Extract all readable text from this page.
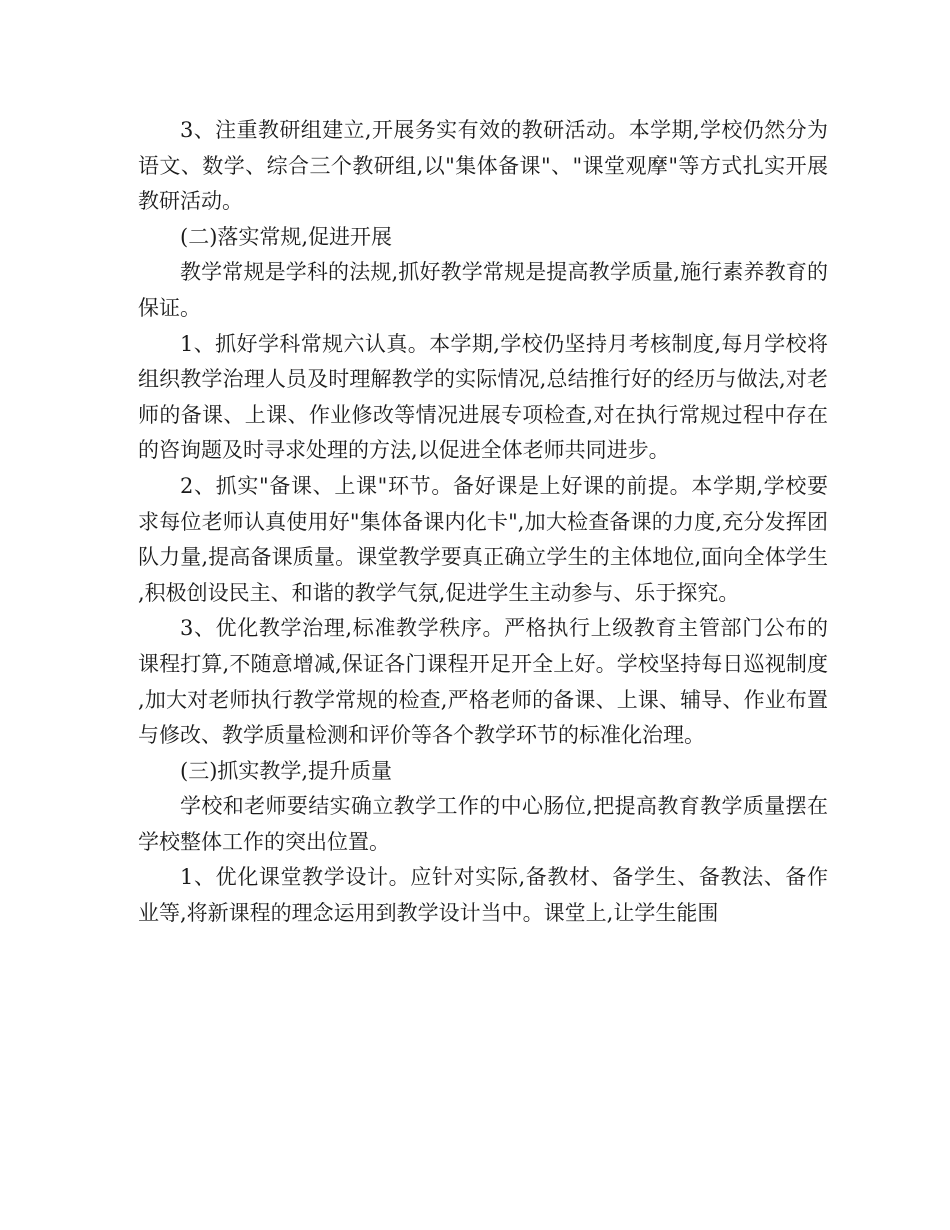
3、注重教研组建立,开展务实有效的教研活动。本学期,学校仍然分为语文、数学、综合三个教研组,以"集体备课"、"课堂观摩"等方式扎实开展教研活动。

(二)落实常规,促进开展

教学常规是学科的法规,抓好教学常规是提高教学质量,施行素养教育的保证。

1、抓好学科常规六认真。本学期,学校仍坚持月考核制度,每月学校将组织教学治理人员及时理解教学的实际情况,总结推行好的经历与做法,对老师的备课、上课、作业修改等情况进展专项检查,对在执行常规过程中存在的咨询题及时寻求处理的方法,以促进全体老师共同进步。

2、抓实"备课、上课"环节。备好课是上好课的前提。本学期,学校要求每位老师认真使用好"集体备课内化卡",加大检查备课的力度,充分发挥团队力量,提高备课质量。课堂教学要真正确立学生的主体地位,面向全体学生,积极创设民主、和谐的教学气氛,促进学生主动参与、乐于探究。

3、优化教学治理,标准教学秩序。严格执行上级教育主管部门公布的课程打算,不随意增减,保证各门课程开足开全上好。学校坚持每日巡视制度,加大对老师执行教学常规的检查,严格老师的备课、上课、辅导、作业布置与修改、教学质量检测和评价等各个教学环节的标准化治理。

(三)抓实教学,提升质量

学校和老师要结实确立教学工作的中心肠位,把提高教育教学质量摆在学校整体工作的突出位置。

1、优化课堂教学设计。应针对实际,备教材、备学生、备教法、备作业等,将新课程的理念运用到教学设计当中。课堂上,让学生能围
